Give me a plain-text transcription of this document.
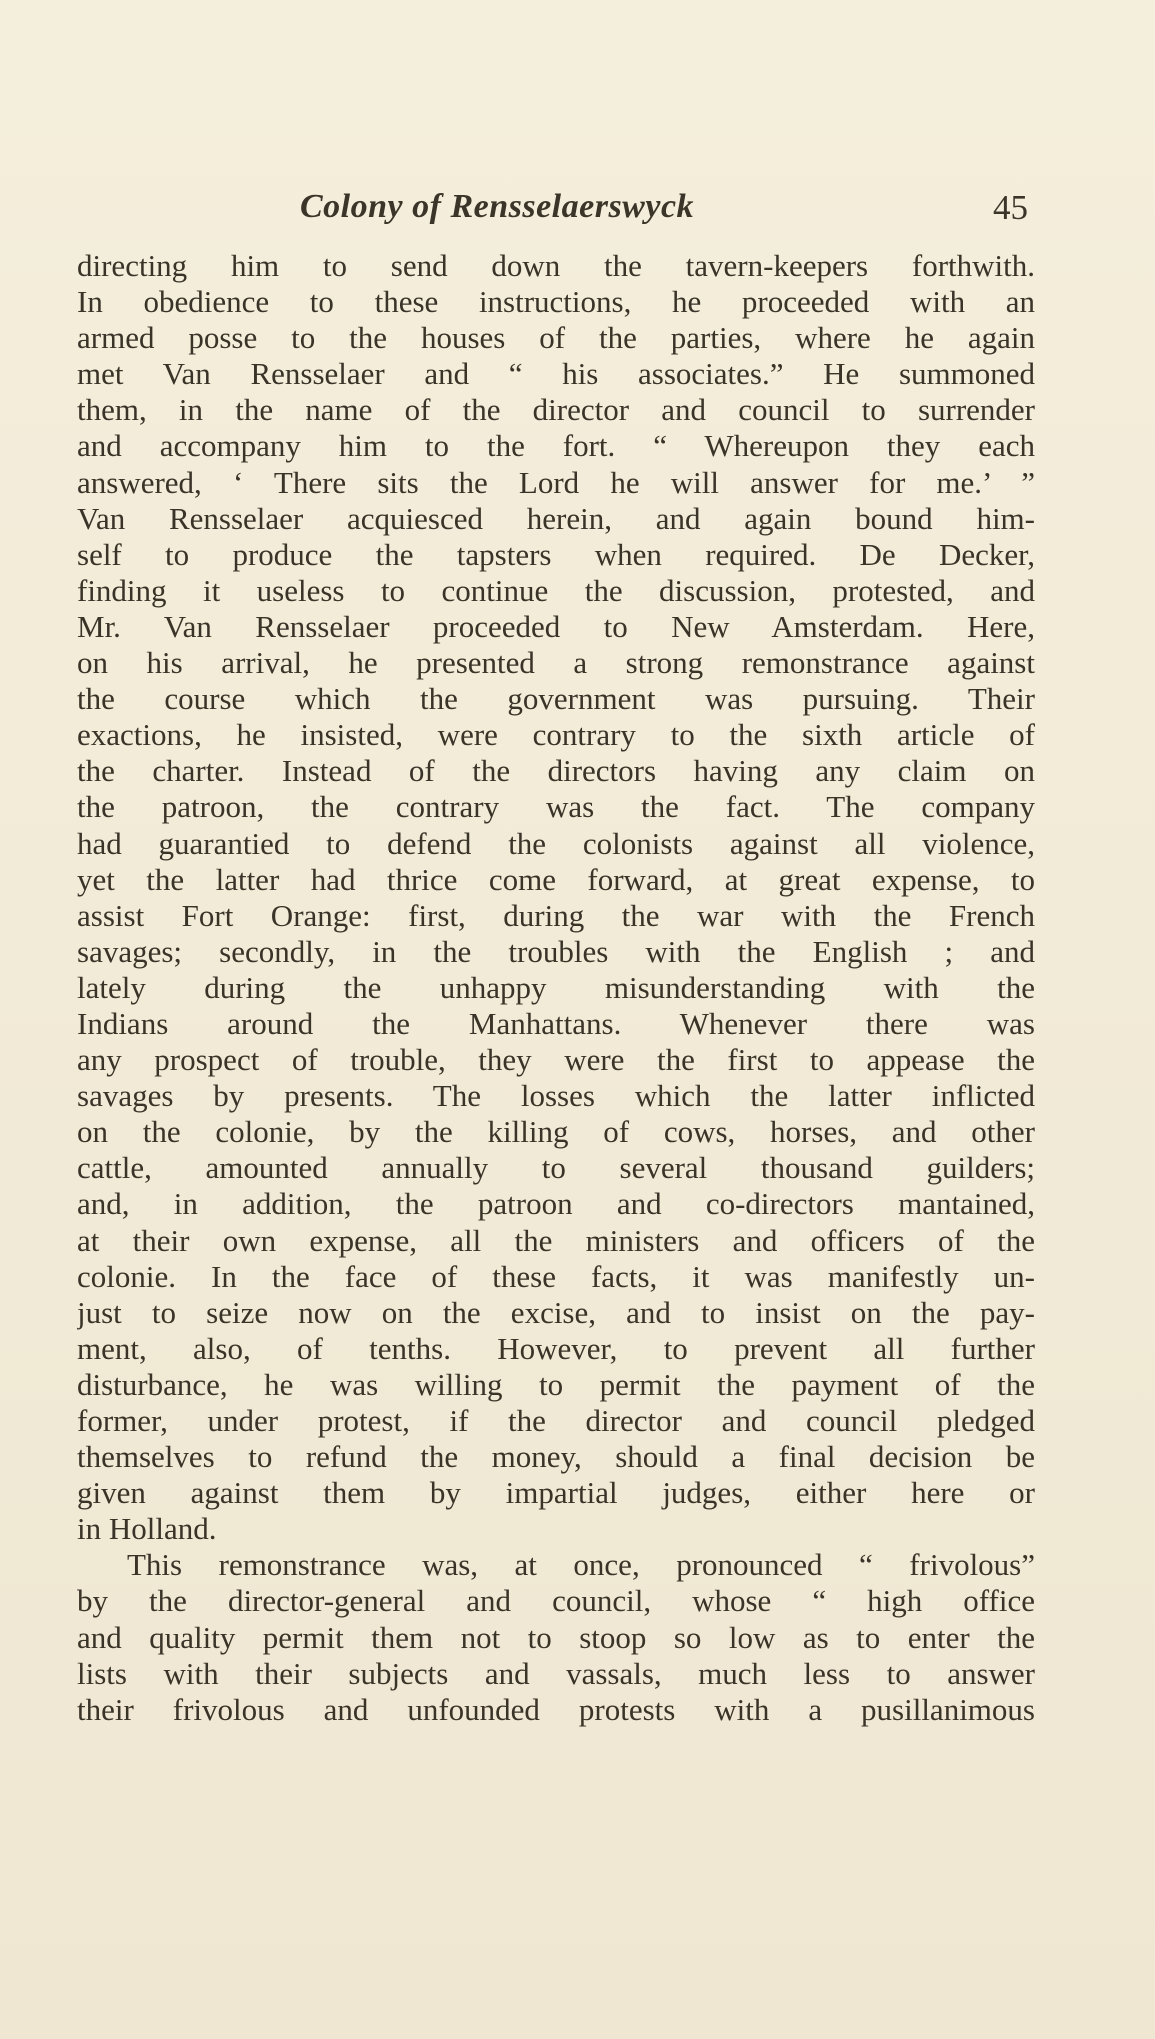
Colony of Rensselaerswyck	45
directing him to send down the tavern-keepers forthwith.
In obedience to these instructions, he proceeded with an
armed posse to the houses of the parties, where he again
met Van Rensselaer and “ his associates.” He summoned
them, in the name of the director and council to surrender
and accompany him to the fort. “ Whereupon they each
answered, ‘ There sits the Lord he will answer for me.’ ”
Van Rensselaer acquiesced herein, and again bound him-
self to produce the tapsters when required. De Decker,
finding it useless to continue the discussion, protested, and
Mr. Van Rensselaer proceeded to New Amsterdam. Here,
on his arrival, he presented a strong remonstrance against
the course which the government was pursuing. Their
exactions, he insisted, were contrary to the sixth article of
the charter. Instead of the directors having any claim on
the patroon, the contrary was the fact. The company
had guarantied to defend the colonists against all violence,
yet the latter had thrice come forward, at great expense, to
assist Fort Orange: first, during the war with the French
savages; secondly, in the troubles with the English ; and
lately during the unhappy misunderstanding with the
Indians around the Manhattans. Whenever there was
any prospect of trouble, they were the first to appease the
savages by presents. The losses which the latter inflicted
on the colonie, by the killing of cows, horses, and other
cattle, amounted annually to several thousand guilders;
and, in addition, the patroon and co-directors mantained,
at their own expense, all the ministers and officers of the
colonie. In the face of these facts, it was manifestly un-
just to seize now on the excise, and to insist on the pay-
ment, also, of tenths. However, to prevent all further
disturbance, he was willing to permit the payment of the
former, under protest, if the director and council pledged
themselves to refund the money, should a final decision be
given against them by impartial judges, either here or
in Holland.
This remonstrance was, at once, pronounced “ frivolous”
by the director-general and council, whose “ high office
and quality permit them not to stoop so low as to enter the
lists with their subjects and vassals, much less to answer
their frivolous and unfounded protests with a pusillanimous
